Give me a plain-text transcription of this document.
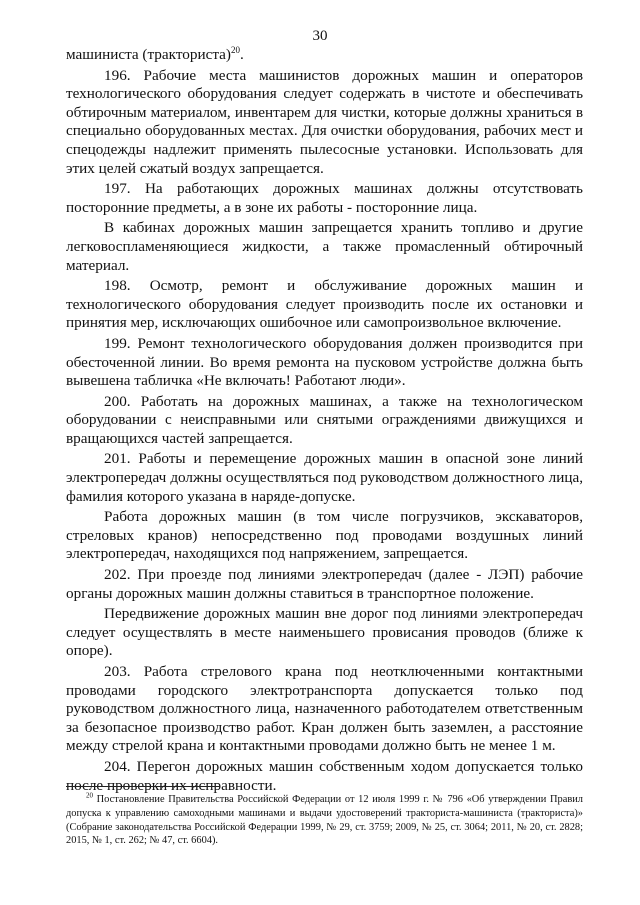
30

машиниста (тракториста)$^{20}$.

196. Рабочие места машинистов дорожных машин и операторов технологического оборудования следует содержать в чистоте и обеспечивать обтирочным материалом, инвентарем для чистки, которые должны храниться в специально оборудованных местах. Для очистки оборудования, рабочих мест и спецодежды надлежит применять пылесосные установки. Использовать для этих целей сжатый воздух запрещается.

197. На работающих дорожных машинах должны отсутствовать посторонние предметы, а в зоне их работы - посторонние лица.

В кабинах дорожных машин запрещается хранить топливо и другие легковоспламеняющиеся жидкости, а также промасленный обтирочный материал.

198. Осмотр, ремонт и обслуживание дорожных машин и технологического оборудования следует производить после их остановки и принятия мер, исключающих ошибочное или самопроизвольное включение.

199. Ремонт технологического оборудования должен производится при обесточенной линии. Во время ремонта на пусковом устройстве должна быть вывешена табличка «Не включать! Работают люди».

200. Работать на дорожных машинах, а также на технологическом оборудовании с неисправными или снятыми ограждениями движущихся и вращающихся частей запрещается.

201. Работы и перемещение дорожных машин в опасной зоне линий электропередач должны осуществляться под руководством должностного лица, фамилия которого указана в наряде-допуске.

Работа дорожных машин (в том числе погрузчиков, экскаваторов, стреловых кранов) непосредственно под проводами воздушных линий электропередач, находящихся под напряжением, запрещается.

202. При проезде под линиями электропередач (далее - ЛЭП) рабочие органы дорожных машин должны ставиться в транспортное положение.

Передвижение дорожных машин вне дорог под линиями электропередач следует осуществлять в месте наименьшего провисания проводов (ближе к опоре).

203. Работа стрелового крана под неотключенными контактными проводами городского электротранспорта допускается только под руководством должностного лица, назначенного работодателем ответственным за безопасное производство работ. Кран должен быть заземлен, а расстояние между стрелой крана и контактными проводами должно быть не менее 1 м.

204. Перегон дорожных машин собственным ходом допускается только после проверки их исправности.

$^{20}$ Постановление Правительства Российской Федерации от 12 июля 1999 г. № 796 «Об утверждении Правил допуска к управлению самоходными машинами и выдачи удостоверений тракториста-машиниста (тракториста)» (Собрание законодательства Российской Федерации 1999, № 29, ст. 3759; 2009, № 25, ст. 3064; 2011, № 20, ст. 2828; 2015, № 1, ст. 262; № 47, ст. 6604).
